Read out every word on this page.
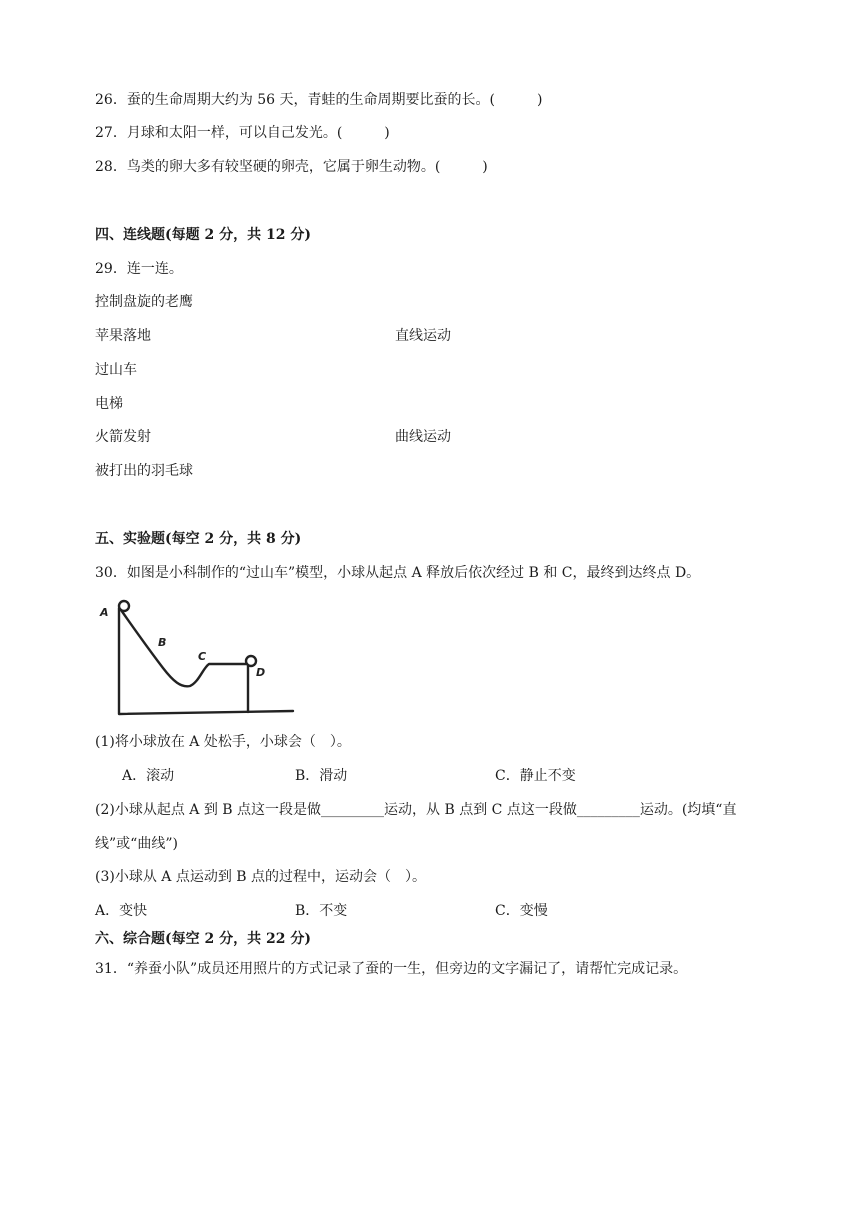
26．蚕的生命周期大约为 56 天，青蛙的生命周期要比蚕的长。(　　　)
27．月球和太阳一样，可以自己发光。(　　　)
28．鸟类的卵大多有较坚硬的卵壳，它属于卵生动物。(　　　)
四、连线题(每题 2 分，共 12 分)
29．连一连。
控制盘旋的老鹰
苹果落地	直线运动
过山车
电梯
火箭发射	曲线运动
被打出的羽毛球
五、实验题(每空 2 分，共 8 分)
30．如图是小科制作的“过山车”模型，小球从起点 A 释放后依次经过 B 和 C，最终到达终点 D。
A
B
C
D
(1)将小球放在 A 处松手，小球会（　）。
A．滚动	B．滑动	C．静止不变
(2)小球从起点 A 到 B 点这一段是做_________运动，从 B 点到 C 点这一段做_________运动。(均填“直
线”或“曲线”)
(3)小球从 A 点运动到 B 点的过程中，运动会（　）。
A．变快	B．不变	C．变慢
六、综合题(每空 2 分，共 22 分)
31．“养蚕小队”成员还用照片的方式记录了蚕的一生，但旁边的文字漏记了，请帮忙完成记录。
